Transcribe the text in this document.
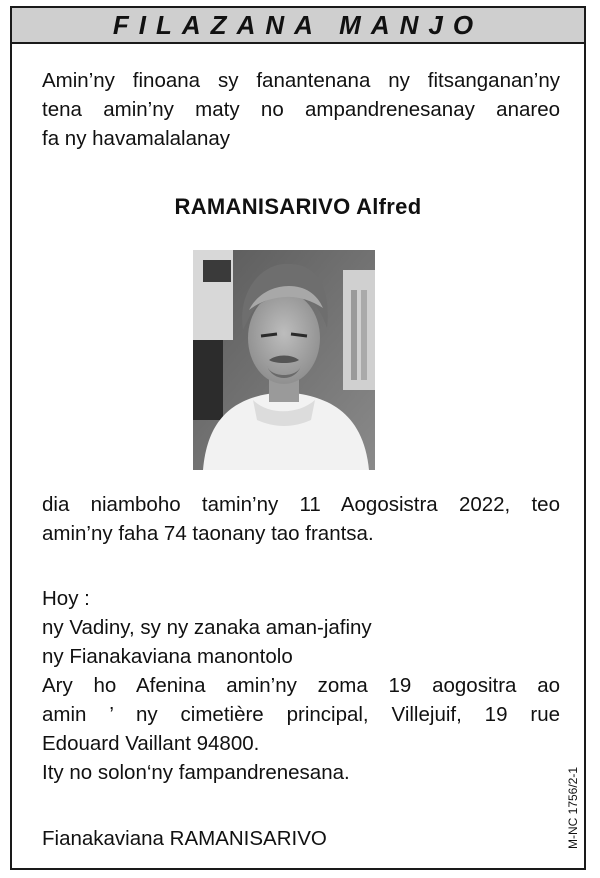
FILAZANA MANJO
Amin’ny finoana sy fanantenana ny fitsanganan’ny
tena amin’ny maty no ampandrenesanay anareo
fa ny havamalalanay
RAMANISARIVO Alfred
dia niamboho tamin’ny 11 Aogosistra 2022, teo
amin’ny faha 74 taonany tao frantsa.
Hoy :
ny Vadiny, sy ny zanaka aman-jafiny
ny Fianakaviana manontolo
Ary ho Afenina amin’ny zoma 19 aogositra ao
amin ’ ny cimetière principal, Villejuif, 19 rue
Edouard Vaillant 94800.
Ity no solon‘ny fampandrenesana.
Fianakaviana RAMANISARIVO	M-NC 1756/2-1
